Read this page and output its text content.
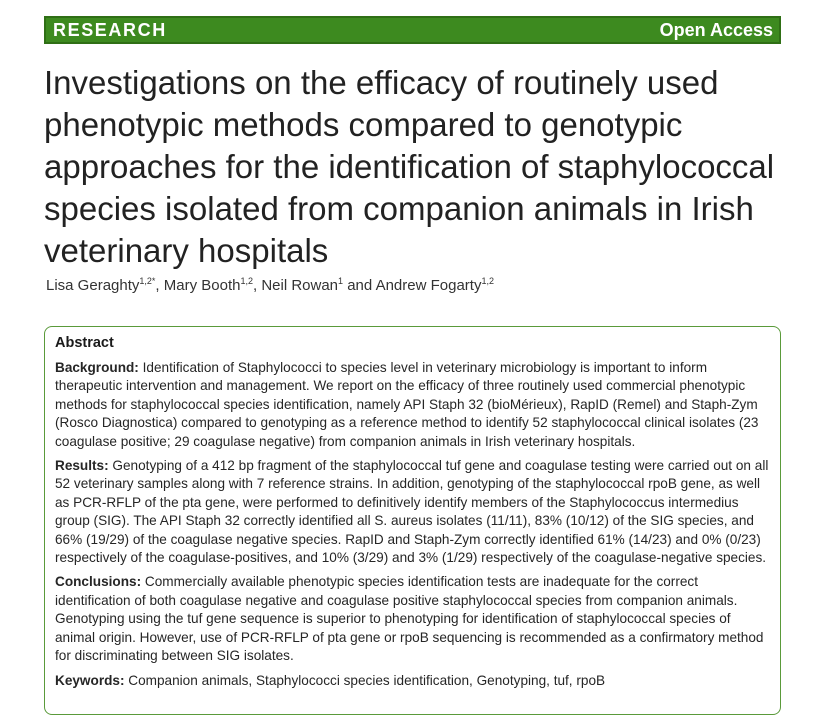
RESEARCH	Open Access
Investigations on the efficacy of routinely used phenotypic methods compared to genotypic approaches for the identification of staphylococcal species isolated from companion animals in Irish veterinary hospitals
Lisa Geraghty$^{1,2*}$, Mary Booth$^{1,2}$, Neil Rowan$^1$ and Andrew Fogarty$^{1,2}$
Abstract

Background: Identification of Staphylococci to species level in veterinary microbiology is important to inform therapeutic intervention and management. We report on the efficacy of three routinely used commercial phenotypic methods for staphylococcal species identification, namely API Staph 32 (bioMérieux), RapID (Remel) and Staph-Zym (Rosco Diagnostica) compared to genotyping as a reference method to identify 52 staphylococcal clinical isolates (23 coagulase positive; 29 coagulase negative) from companion animals in Irish veterinary hospitals.

Results: Genotyping of a 412 bp fragment of the staphylococcal tuf gene and coagulase testing were carried out on all 52 veterinary samples along with 7 reference strains. In addition, genotyping of the staphylococcal rpoB gene, as well as PCR-RFLP of the pta gene, were performed to definitively identify members of the Staphylococcus intermedius group (SIG). The API Staph 32 correctly identified all S. aureus isolates (11/11), 83% (10/12) of the SIG species, and 66% (19/29) of the coagulase negative species. RapID and Staph-Zym correctly identified 61% (14/23) and 0% (0/23) respectively of the coagulase-positives, and 10% (3/29) and 3% (1/29) respectively of the coagulase-negative species.

Conclusions: Commercially available phenotypic species identification tests are inadequate for the correct identification of both coagulase negative and coagulase positive staphylococcal species from companion animals. Genotyping using the tuf gene sequence is superior to phenotyping for identification of staphylococcal species of animal origin. However, use of PCR-RFLP of pta gene or rpoB sequencing is recommended as a confirmatory method for discriminating between SIG isolates.

Keywords: Companion animals, Staphylococci species identification, Genotyping, tuf, rpoB
